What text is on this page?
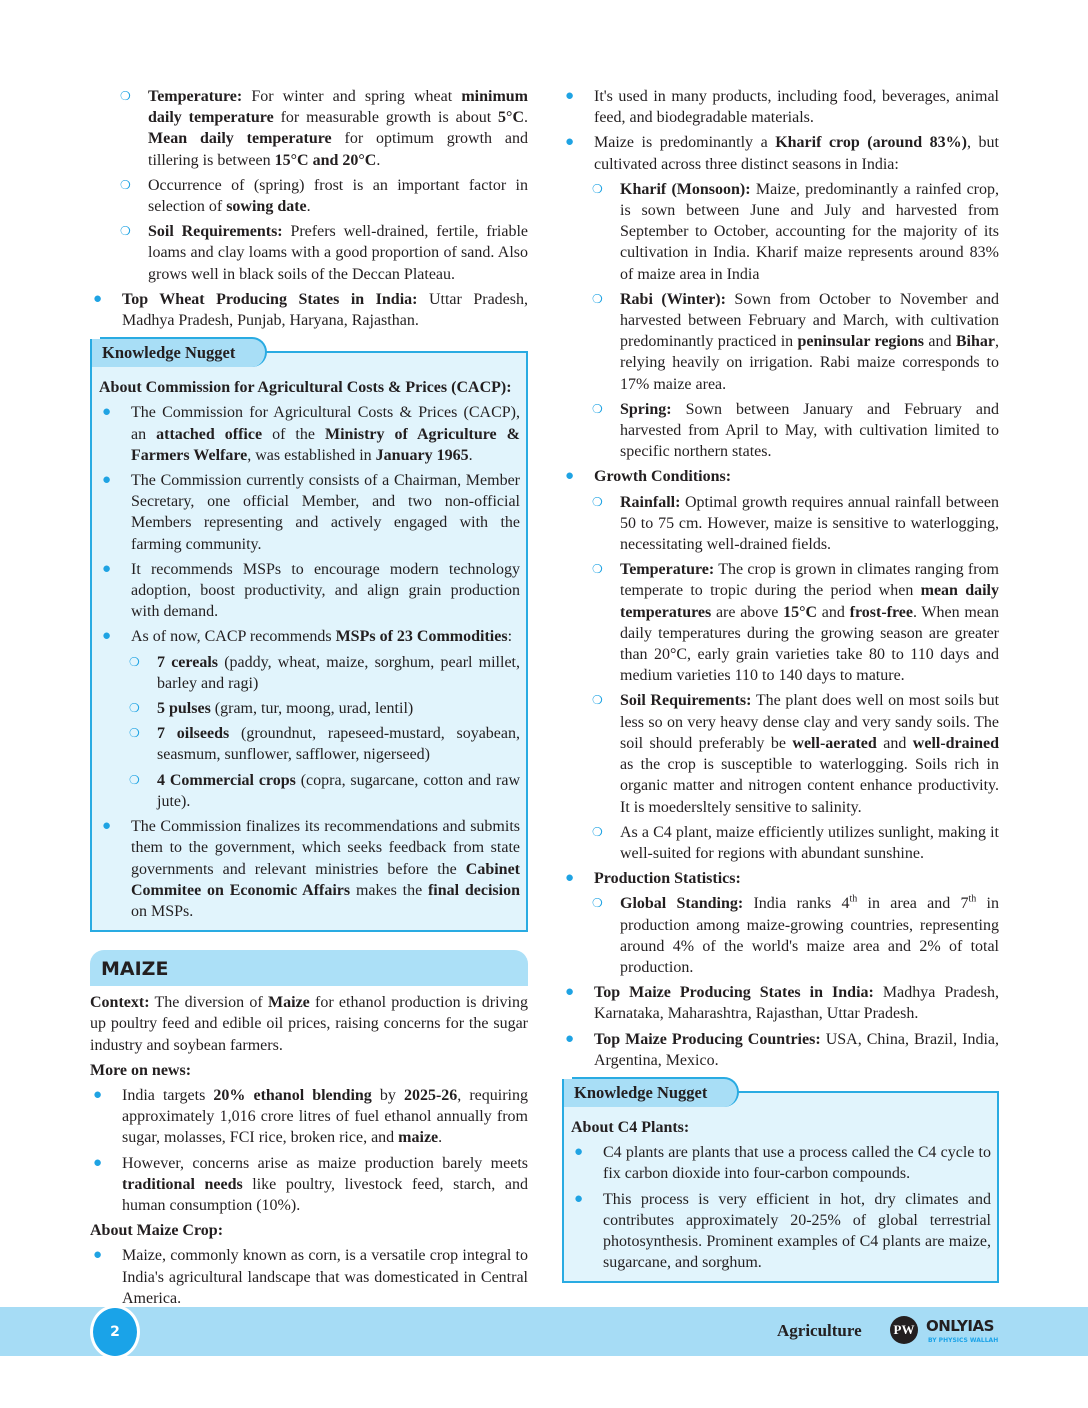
❍ Temperature: For winter and spring wheat minimum daily temperature for measurable growth is about 5°C. Mean daily temperature for optimum growth and tillering is between 15°C and 20°C.
❍ Occurrence of (spring) frost is an important factor in selection of sowing date.
❍ Soil Requirements: Prefers well-drained, fertile, friable loams and clay loams with a good proportion of sand. Also grows well in black soils of the Deccan Plateau.
● Top Wheat Producing States in India: Uttar Pradesh, Madhya Pradesh, Punjab, Haryana, Rajasthan.
Knowledge Nugget
About Commission for Agricultural Costs & Prices (CACP):
● The Commission for Agricultural Costs & Prices (CACP), an attached office of the Ministry of Agriculture & Farmers Welfare, was established in January 1965.
● The Commission currently consists of a Chairman, Member Secretary, one official Member, and two non-official Members representing and actively engaged with the farming community.
● It recommends MSPs to encourage modern technology adoption, boost productivity, and align grain production with demand.
● As of now, CACP recommends MSPs of 23 Commodities:
❍ 7 cereals (paddy, wheat, maize, sorghum, pearl millet, barley and ragi)
❍ 5 pulses (gram, tur, moong, urad, lentil)
❍ 7 oilseeds (groundnut, rapeseed-mustard, soyabean, seasmum, sunflower, safflower, nigerseed)
❍ 4 Commercial crops (copra, sugarcane, cotton and raw jute).
● The Commission finalizes its recommendations and submits them to the government, which seeks feedback from state governments and relevant ministries before the Cabinet Commitee on Economic Affairs makes the final decision on MSPs.
MAIZE
Context: The diversion of Maize for ethanol production is driving up poultry feed and edible oil prices, raising concerns for the sugar industry and soybean farmers.
More on news:
● India targets 20% ethanol blending by 2025-26, requiring approximately 1,016 crore litres of fuel ethanol annually from sugar, molasses, FCI rice, broken rice, and maize.
● However, concerns arise as maize production barely meets traditional needs like poultry, livestock feed, starch, and human consumption (10%).
About Maize Crop:
● Maize, commonly known as corn, is a versatile crop integral to India's agricultural landscape that was domesticated in Central America.
● It's used in many products, including food, beverages, animal feed, and biodegradable materials.
● Maize is predominantly a Kharif crop (around 83%), but cultivated across three distinct seasons in India:
❍ Kharif (Monsoon): Maize, predominantly a rainfed crop, is sown between June and July and harvested from September to October, accounting for the majority of its cultivation in India. Kharif maize represents around 83% of maize area in India
❍ Rabi (Winter): Sown from October to November and harvested between February and March, with cultivation predominantly practiced in peninsular regions and Bihar, relying heavily on irrigation. Rabi maize corresponds to 17% maize area.
❍ Spring: Sown between January and February and harvested from April to May, with cultivation limited to specific northern states.
● Growth Conditions:
❍ Rainfall: Optimal growth requires annual rainfall between 50 to 75 cm. However, maize is sensitive to waterlogging, necessitating well-drained fields.
❍ Temperature: The crop is grown in climates ranging from temperate to tropic during the period when mean daily temperatures are above 15°C and frost-free. When mean daily temperatures during the growing season are greater than 20°C, early grain varieties take 80 to 110 days and medium varieties 110 to 140 days to mature.
❍ Soil Requirements: The plant does well on most soils but less so on very heavy dense clay and very sandy soils. The soil should preferably be well-aerated and well-drained as the crop is susceptible to waterlogging. Soils rich in organic matter and nitrogen content enhance productivity. It is moedersltely sensitive to salinity.
❍ As a C4 plant, maize efficiently utilizes sunlight, making it well-suited for regions with abundant sunshine.
● Production Statistics:
❍ Global Standing: India ranks 4th in area and 7th in production among maize-growing countries, representing around 4% of the world's maize area and 2% of total production.
● Top Maize Producing States in India: Madhya Pradesh, Karnataka, Maharashtra, Rajasthan, Uttar Pradesh.
● Top Maize Producing Countries: USA, China, Brazil, India, Argentina, Mexico.
Knowledge Nugget
About C4 Plants:
● C4 plants are plants that use a process called the C4 cycle to fix carbon dioxide into four-carbon compounds.
● This process is very efficient in hot, dry climates and contributes approximately 20-25% of global terrestrial photosynthesis. Prominent examples of C4 plants are maize, sugarcane, and sorghum.
2	Agriculture PW ONLYIAS
BY PHYSICS WALLAH
